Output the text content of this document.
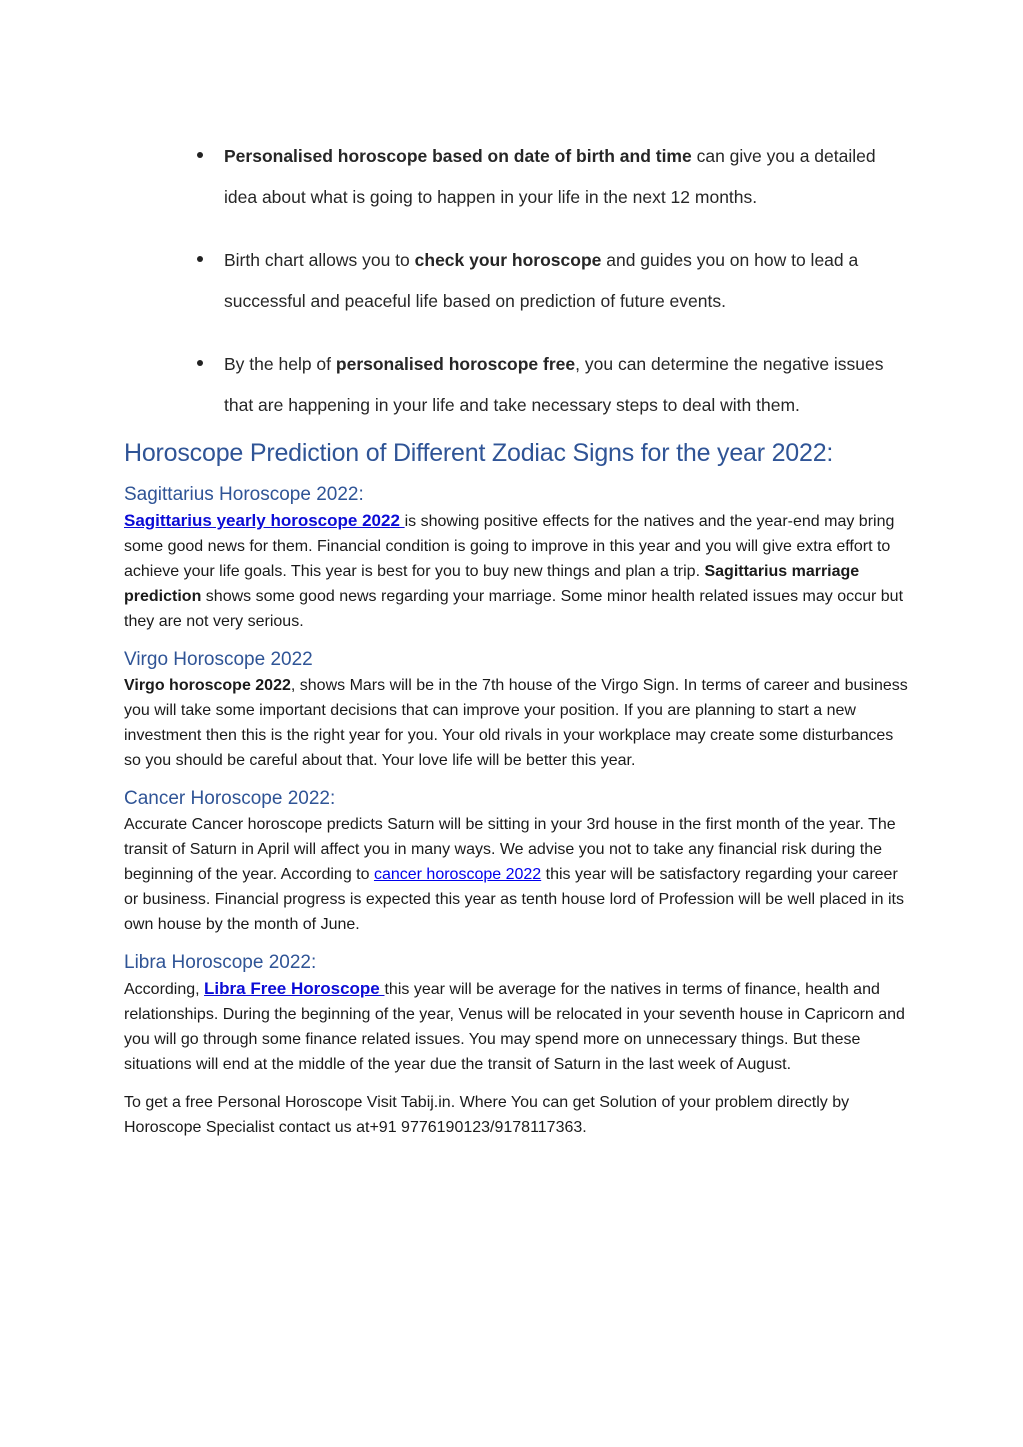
Personalised horoscope based on date of birth and time can give you a detailed idea about what is going to happen in your life in the next 12 months.
Birth chart allows you to check your horoscope and guides you on how to lead a successful and peaceful life based on prediction of future events.
By the help of personalised horoscope free, you can determine the negative issues that are happening in your life and take necessary steps to deal with them.
Horoscope Prediction of Different Zodiac Signs for the year 2022:
Sagittarius Horoscope 2022:

Sagittarius yearly horoscope 2022 is showing positive effects for the natives and the year-end may bring some good news for them. Financial condition is going to improve in this year and you will give extra effort to achieve your life goals. This year is best for you to buy new things and plan a trip. Sagittarius marriage prediction shows some good news regarding your marriage. Some minor health related issues may occur but they are not very serious.

Virgo Horoscope 2022

Virgo horoscope 2022, shows Mars will be in the 7th house of the Virgo Sign. In terms of career and business you will take some important decisions that can improve your position. If you are planning to start a new investment then this is the right year for you. Your old rivals in your workplace may create some disturbances so you should be careful about that. Your love life will be better this year.

Cancer Horoscope 2022:

Accurate Cancer horoscope predicts Saturn will be sitting in your 3rd house in the first month of the year. The transit of Saturn in April will affect you in many ways. We advise you not to take any financial risk during the beginning of the year. According to cancer horoscope 2022 this year will be satisfactory regarding your career or business. Financial progress is expected this year as tenth house lord of Profession will be well placed in its own house by the month of June.

Libra Horoscope 2022:

According, Libra Free Horoscope this year will be average for the natives in terms of finance, health and relationships. During the beginning of the year, Venus will be relocated in your seventh house in Capricorn and you will go through some finance related issues. You may spend more on unnecessary things. But these situations will end at the middle of the year due the transit of Saturn in the last week of August.

To get a free Personal Horoscope Visit Tabij.in. Where You can get Solution of your problem directly by Horoscope Specialist contact us at+91 9776190123/9178117363.
